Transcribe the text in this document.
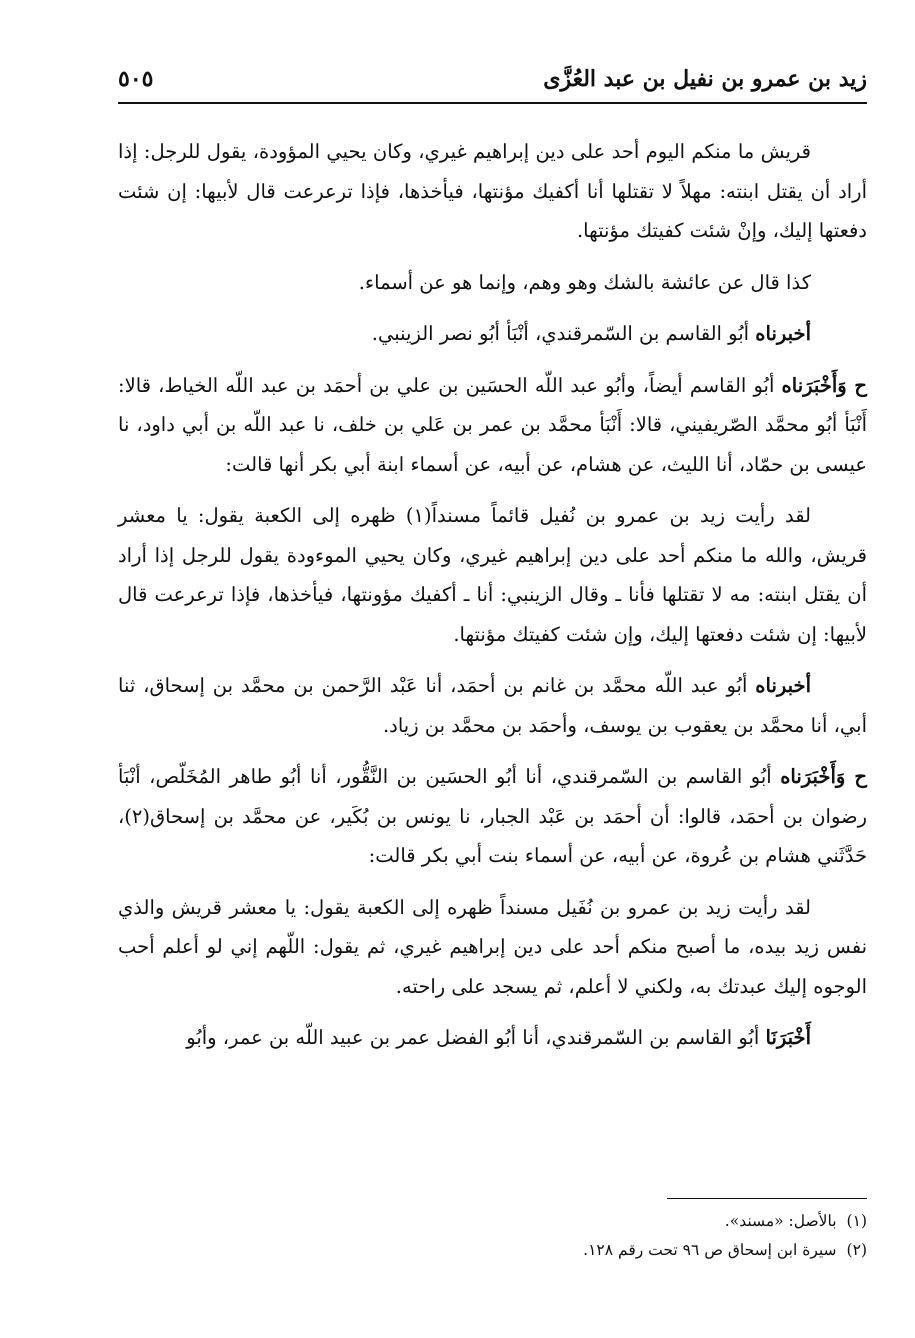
زيد بن عمرو بن نفيل بن عبد العُزَّى
٥٠٥

قريش ما منكم اليوم أحد على دين إبراهيم غيري، وكان يحيي المؤودة، يقول للرجل: إذا أراد أن يقتل ابنته: مهلاً لا تقتلها أنا أكفيك مؤنتها، فيأخذها، فإذا ترعرعت قال لأبيها: إن شئت دفعتها إليك، وإنْ شئت كفيتك مؤنتها.

كذا قال عن عائشة بالشك وهو وهم، وإنما هو عن أسماء.

أخبرناه أبُو القاسم بن السّمرقندي، أنْبَأ أبُو نصر الزينبي.

ح وَأَخْبَرَناه أبُو القاسم أيضاً، وأبُو عبد اللّه الحسَين بن علي بن أحمَد بن عبد اللّه الخياط، قالا: أَنْبَأ أبُو محمَّد الصّريفيني، قالا: أَنْبَأ محمَّد بن عمر بن عَلي بن خلف، نا عبد اللّه بن أبي داود، نا عيسى بن حمّاد، أنا الليث، عن هشام، عن أبيه، عن أسماء ابنة أبي بكر أنها قالت:

لقد رأيت زيد بن عمرو بن نُفيل قائماً مسنداً(١) ظهره إلى الكعبة يقول: يا معشر قريش، والله ما منكم أحد على دين إبراهيم غيري، وكان يحيي الموءودة يقول للرجل إذا أراد أن يقتل ابنته: مه لا تقتلها فأنا ـ وقال الزينبي: أنا ـ أكفيك مؤونتها، فيأخذها، فإذا ترعرعت قال لأبيها: إن شئت دفعتها إليك، وإن شئت كفيتك مؤنتها.

أخبرناه أبُو عبد اللّه محمَّد بن غانم بن أحمَد، أنا عَبْد الرَّحمن بن محمَّد بن إسحاق، ثنا أبي، أنا محمَّد بن يعقوب بن يوسف، وأحمَد بن محمَّد بن زياد.

ح وَأَخْبَرَناه أبُو القاسم بن السّمرقندي، أنا أبُو الحسَين بن النَّقُّور، أنا أبُو طاهر المُخَلّص، أنْبَأ رضوان بن أحمَد، قالوا: أن أحمَد بن عَبْد الجبار، نا يونس بن بُكَير، عن محمَّد بن إسحاق(٢)، حَدَّثَني هشام بن عُروة، عن أبيه، عن أسماء بنت أبي بكر قالت:

لقد رأيت زيد بن عمرو بن نُفَيل مسنداً ظهره إلى الكعبة يقول: يا معشر قريش والذي نفس زيد بيده، ما أصبح منكم أحد على دين إبراهيم غيري، ثم يقول: اللّهم إني لو أعلم أحب الوجوه إليك عبدتك به، ولكني لا أعلم، ثم يسجد على راحته.

أَخْبَرَنَا أبُو القاسم بن السّمرقندي، أنا أبُو الفضل عمر بن عبيد اللّه بن عمر، وأبُو

(١)بالأصل: «مسند».
(٢)سيرة ابن إسحاق ص ٩٦ تحت رقم ١٢٨.
